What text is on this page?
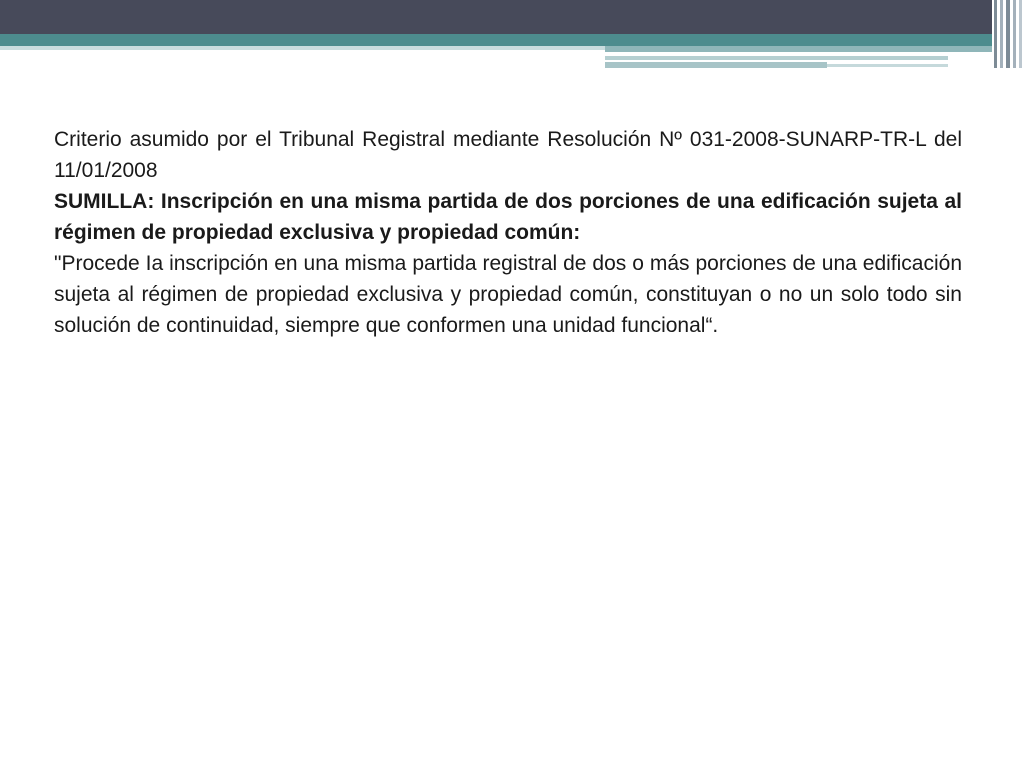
Criterio asumido por el Tribunal Registral mediante Resolución Nº 031-2008-SUNARP-TR-L del 11/01/2008

SUMILLA: Inscripción en una misma partida de dos porciones de una edificación sujeta al régimen de propiedad exclusiva y propiedad común:

"Procede Ia inscripción en una misma partida registral de dos o más porciones de una edificación sujeta al régimen de propiedad exclusiva y propiedad común, constituyan o no un solo todo sin solución de continuidad, siempre que conformen una unidad funcional“.
